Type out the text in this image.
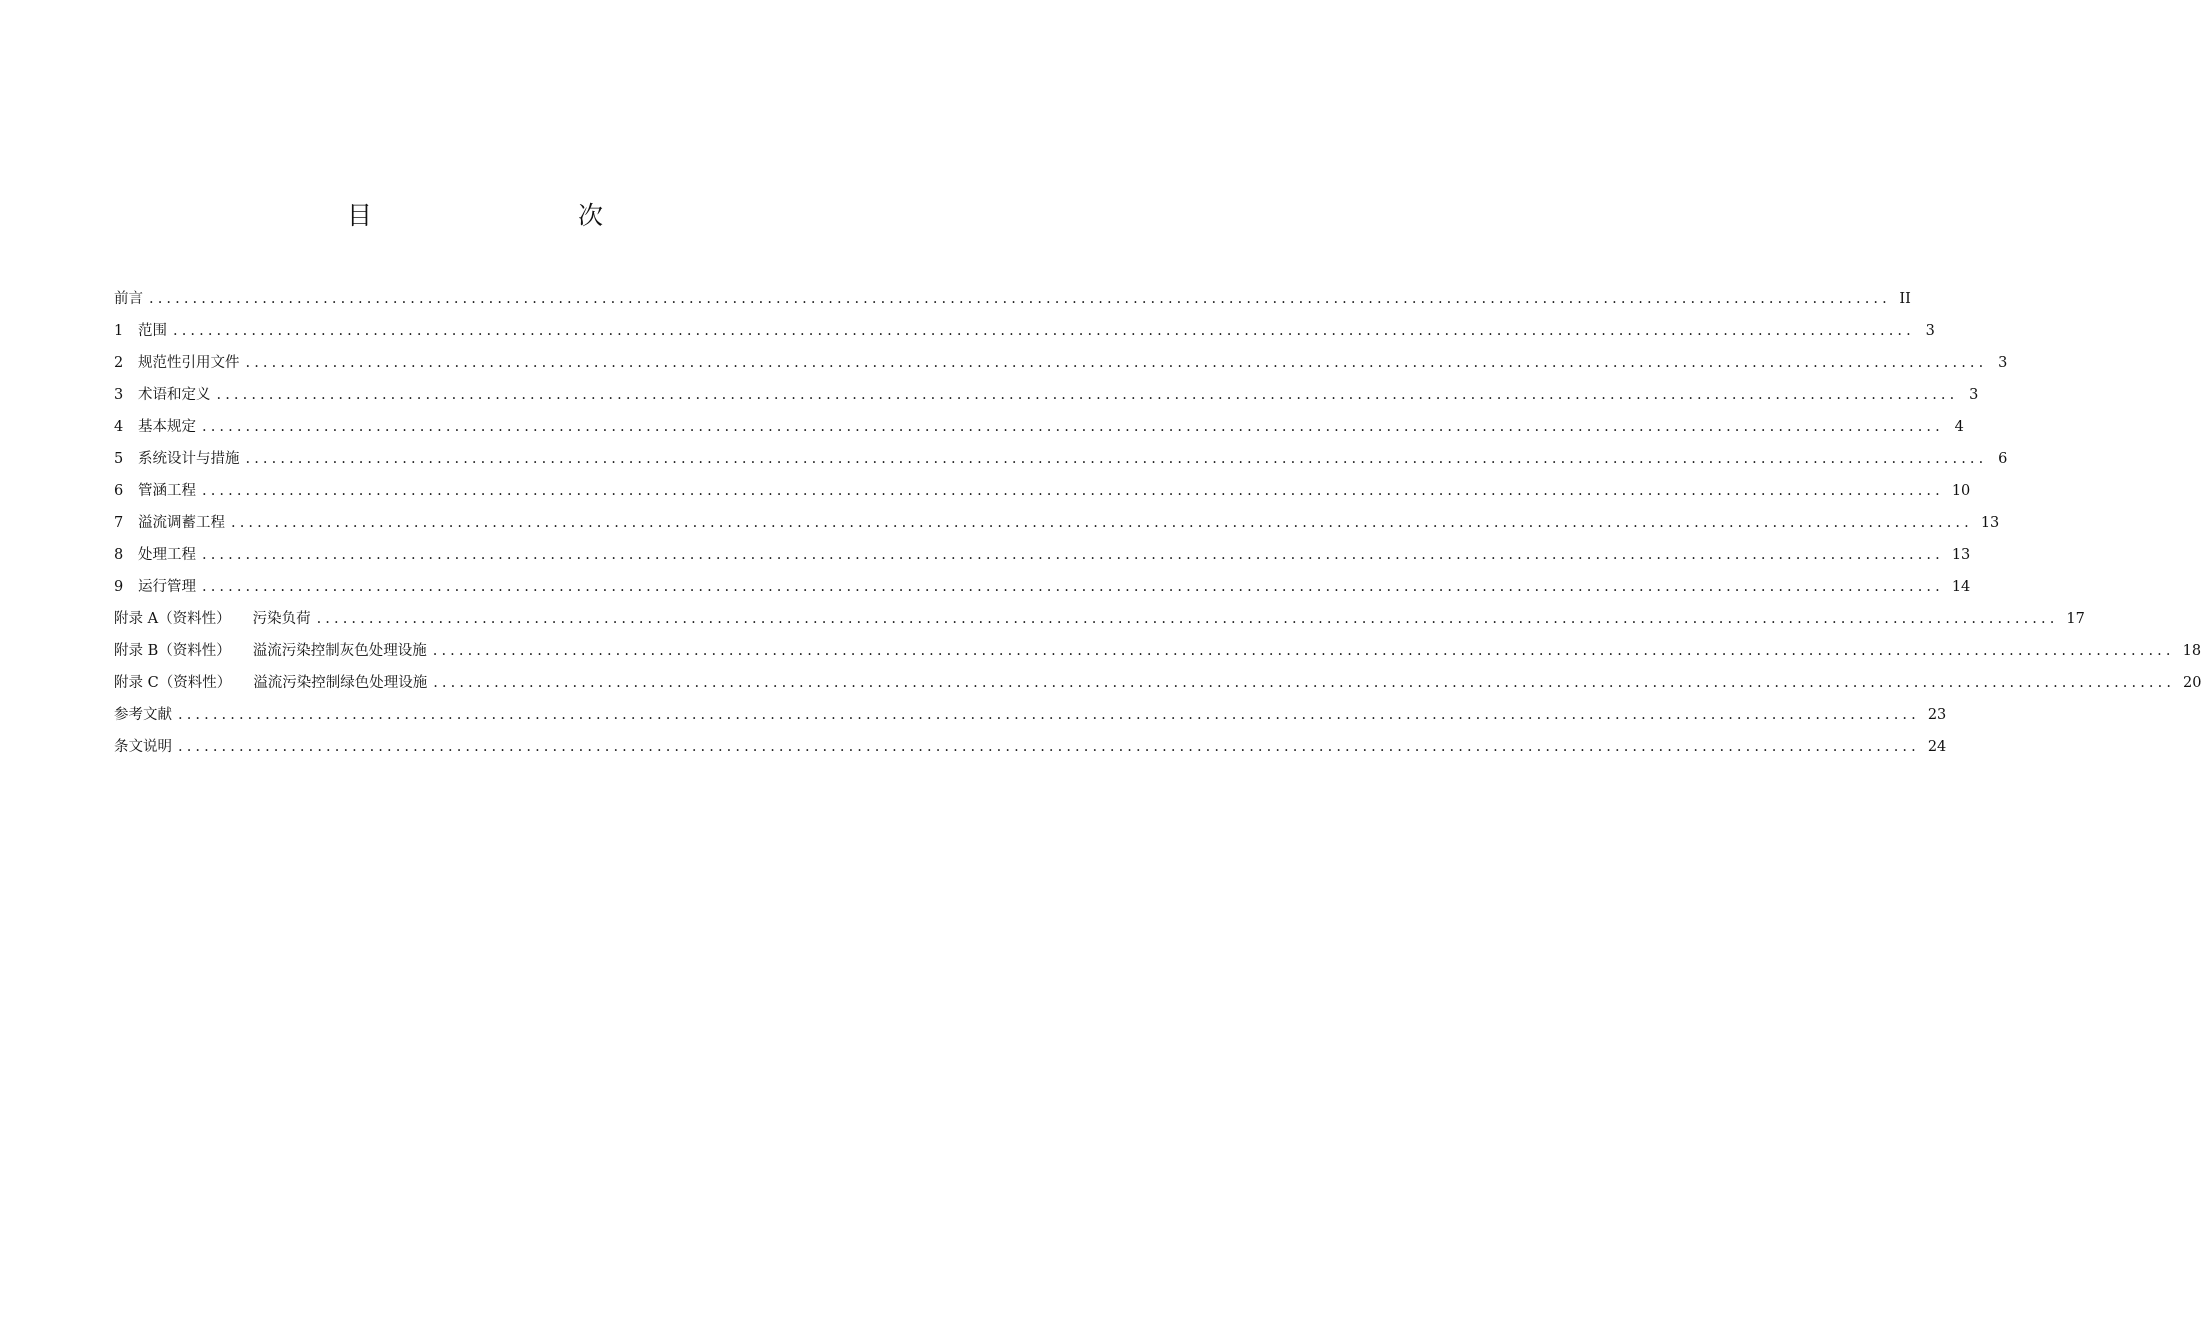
目　　次
前言 ........................................................................................................................................................................................................ II
1	范围 ........................................................................................................................................................................................................ 3
2	规范性引用文件 ........................................................................................................................................................................................................ 3
3	术语和定义 ........................................................................................................................................................................................................ 3
4	基本规定 ........................................................................................................................................................................................................ 4
5	系统设计与措施 ........................................................................................................................................................................................................ 6
6	管涵工程 ........................................................................................................................................................................................................ 10
7	溢流调蓄工程 ........................................................................................................................................................................................................ 13
8	处理工程 ........................................................................................................................................................................................................ 13
9	运行管理 ........................................................................................................................................................................................................ 14
附录 A（资料性） 污染负荷 ........................................................................................................................................................................................................ 17
附录 B（资料性） 溢流污染控制灰色处理设施 ........................................................................................................................................................................................................ 18
附录 C（资料性） 溢流污染控制绿色处理设施 ........................................................................................................................................................................................................ 20
参考文献 ........................................................................................................................................................................................................ 23
条文说明 ........................................................................................................................................................................................................ 24
